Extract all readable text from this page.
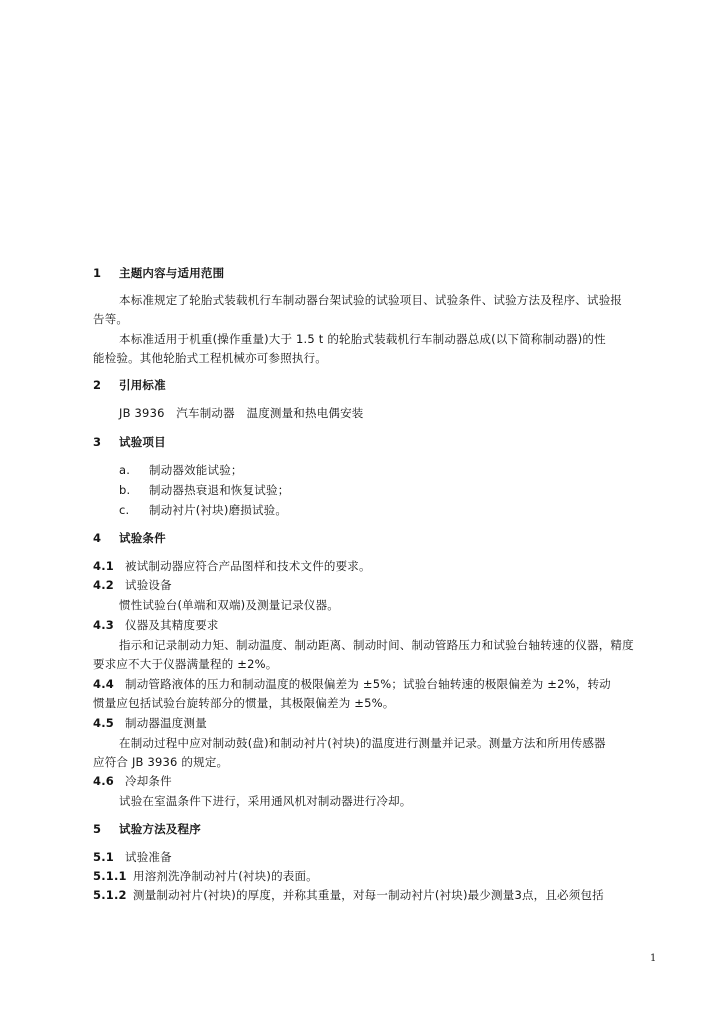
1 主题内容与适用范围
本标准规定了轮胎式装载机行车制动器台架试验的试验项目、试验条件、试验方法及程序、试验报
告等。
本标准适用于机重(操作重量)大于 1.5 t 的轮胎式装载机行车制动器总成(以下简称制动器)的性
能检验。其他轮胎式工程机械亦可参照执行。
2 引用标准
JB 3936　汽车制动器　温度测量和热电偶安装
3 试验项目
a. 制动器效能试验；
b. 制动器热衰退和恢复试验；
c. 制动衬片(衬块)磨损试验。
4 试验条件
4.1 被试制动器应符合产品图样和技术文件的要求。
4.2 试验设备
惯性试验台(单端和双端)及测量记录仪器。
4.3 仪器及其精度要求
指示和记录制动力矩、制动温度、制动距离、制动时间、制动管路压力和试验台轴转速的仪器，精度
要求应不大于仪器满量程的 ±2%。
4.4 制动管路液体的压力和制动温度的极限偏差为 ±5%；试验台轴转速的极限偏差为 ±2%，转动
惯量应包括试验台旋转部分的惯量，其极限偏差为 ±5%。
4.5 制动器温度测量
在制动过程中应对制动鼓(盘)和制动衬片(衬块)的温度进行测量并记录。测量方法和所用传感器
应符合 JB 3936 的规定。
4.6 冷却条件
试验在室温条件下进行，采用通风机对制动器进行冷却。
5 试验方法及程序
5.1 试验准备
5.1.1 用溶剂洗净制动衬片(衬块)的表面。
5.1.2 测量制动衬片(衬块)的厚度，并称其重量，对每一制动衬片(衬块)最少测量3点，且必须包括
1
